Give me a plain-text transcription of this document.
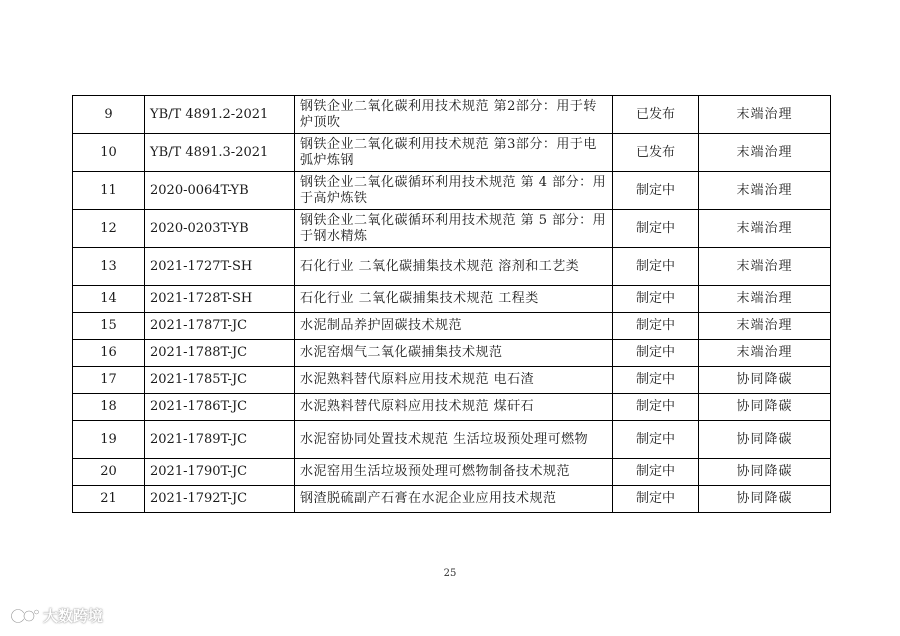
9	YB/T 4891.2-2021	钢铁企业二氧化碳利用技术规范 第2部分：用于转炉顶吹	已发布	末端治理
10	YB/T 4891.3-2021	钢铁企业二氧化碳利用技术规范 第3部分：用于电弧炉炼钢	已发布	末端治理
11	2020-0064T-YB	钢铁企业二氧化碳循环利用技术规范 第 4 部分：用于高炉炼铁	制定中	末端治理
12	2020-0203T-YB	钢铁企业二氧化碳循环利用技术规范 第 5 部分：用于钢水精炼	制定中	末端治理
13	2021-1727T-SH	石化行业 二氧化碳捕集技术规范 溶剂和工艺类	制定中	末端治理
14	2021-1728T-SH	石化行业 二氧化碳捕集技术规范 工程类	制定中	末端治理
15	2021-1787T-JC	水泥制品养护固碳技术规范	制定中	末端治理
16	2021-1788T-JC	水泥窑烟气二氧化碳捕集技术规范	制定中	末端治理
17	2021-1785T-JC	水泥熟料替代原料应用技术规范 电石渣	制定中	协同降碳
18	2021-1786T-JC	水泥熟料替代原料应用技术规范 煤矸石	制定中	协同降碳
19	2021-1789T-JC	水泥窑协同处置技术规范 生活垃圾预处理可燃物	制定中	协同降碳
20	2021-1790T-JC	水泥窑用生活垃圾预处理可燃物制备技术规范	制定中	协同降碳
21	2021-1792T-JC	钢渣脱硫副产石膏在水泥企业应用技术规范	制定中	协同降碳
25
大数跨境
